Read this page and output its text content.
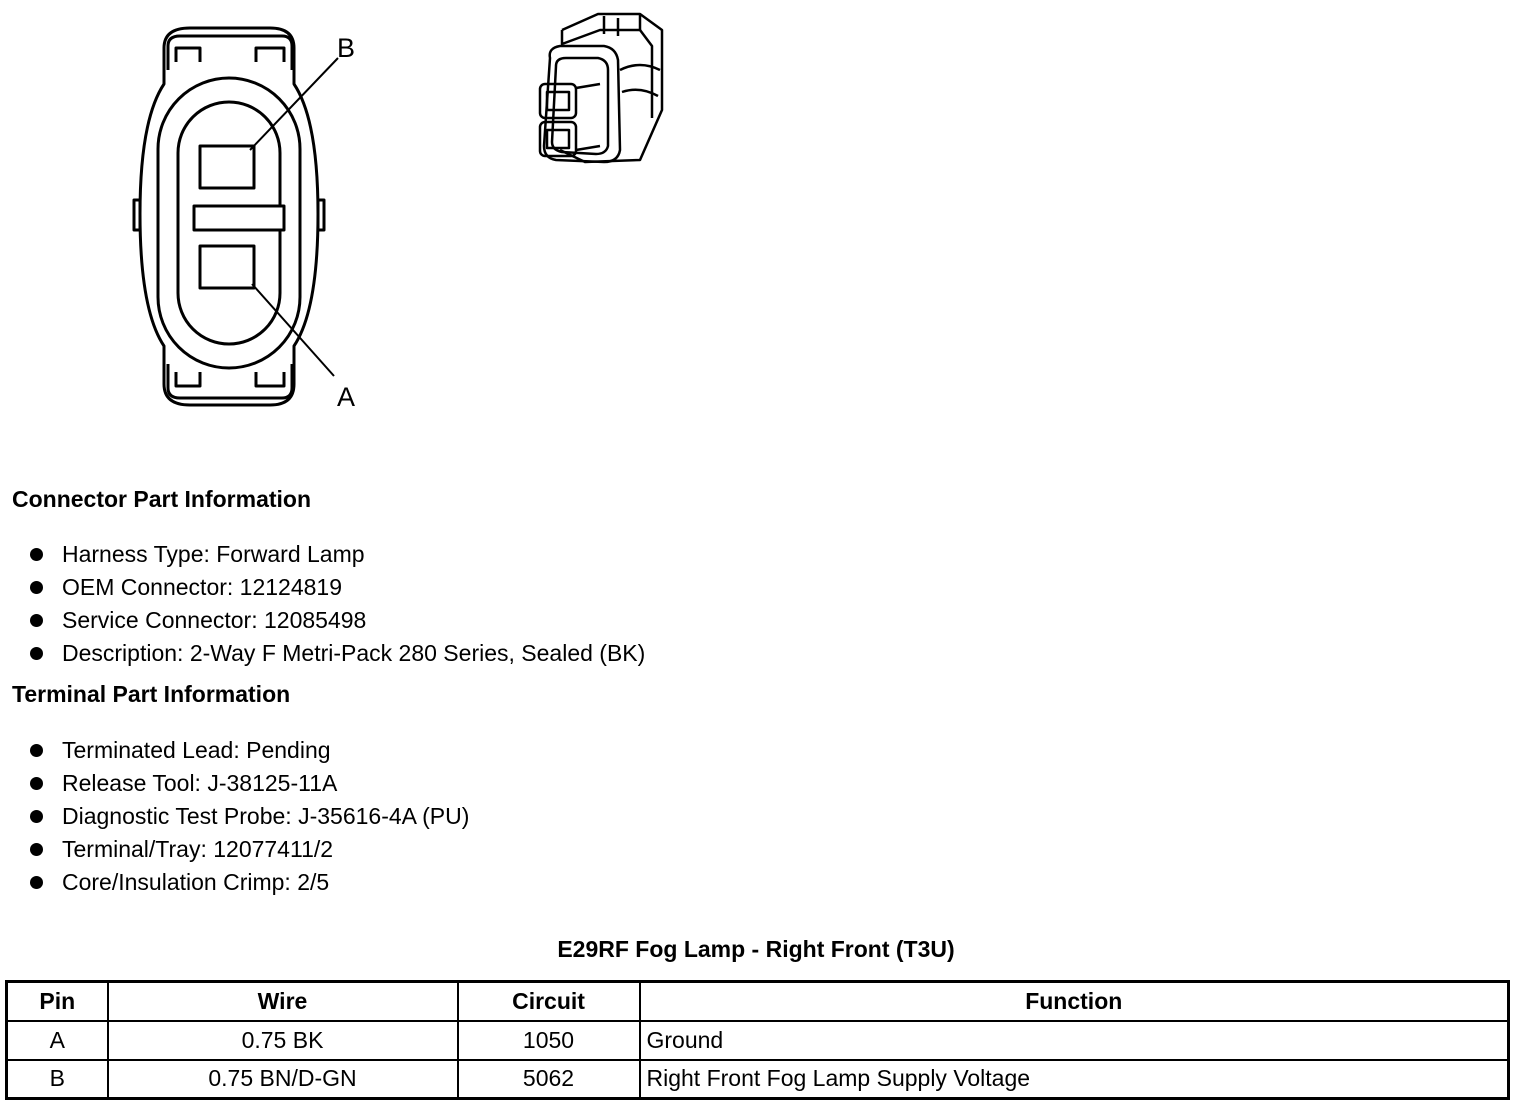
B
A
Connector Part Information
Harness Type: Forward Lamp
OEM Connector: 12124819
Service Connector: 12085498
Description: 2-Way F Metri-Pack 280 Series, Sealed (BK)
Terminal Part Information
Terminated Lead: Pending
Release Tool: J-38125-11A
Diagnostic Test Probe: J-35616-4A (PU)
Terminal/Tray: 12077411/2
Core/Insulation Crimp: 2/5
E29RF Fog Lamp - Right Front (T3U)
Pin	Wire	Circuit	Function
A	0.75 BK	1050	Ground
B	0.75 BN/D-GN	5062	Right Front Fog Lamp Supply Voltage
